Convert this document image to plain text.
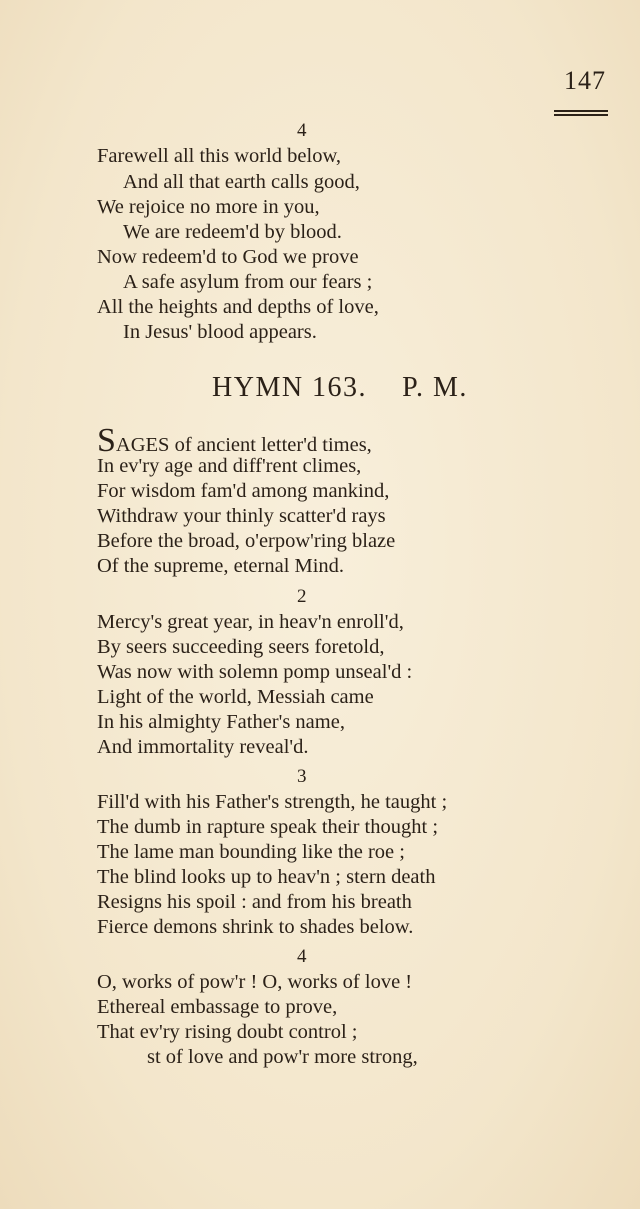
147
4
Farewell all this world below,
And all that earth calls good,
We rejoice no more in you,
We are redeem'd by blood.
Now redeem'd to God we prove
A safe asylum from our fears ;
All the heights and depths of love,
In Jesus' blood appears.
HYMN 163. P. M.
SAGES of ancient letter'd times,
In ev'ry age and diff'rent climes,
For wisdom fam'd among mankind,
Withdraw your thinly scatter'd rays
Before the broad, o'erpow'ring blaze
Of the supreme, eternal Mind.
2
Mercy's great year, in heav'n enroll'd,
By seers succeeding seers foretold,
Was now with solemn pomp unseal'd :
Light of the world, Messiah came
In his almighty Father's name,
And immortality reveal'd.
3
Fill'd with his Father's strength, he taught ;
The dumb in rapture speak their thought ;
The lame man bounding like the roe ;
The blind looks up to heav'n ; stern death
Resigns his spoil : and from his breath
Fierce demons shrink to shades below.
4
O, works of pow'r ! O, works of love !
Ethereal embassage to prove,
That ev'ry rising doubt control ;
st of love and pow'r more strong,
